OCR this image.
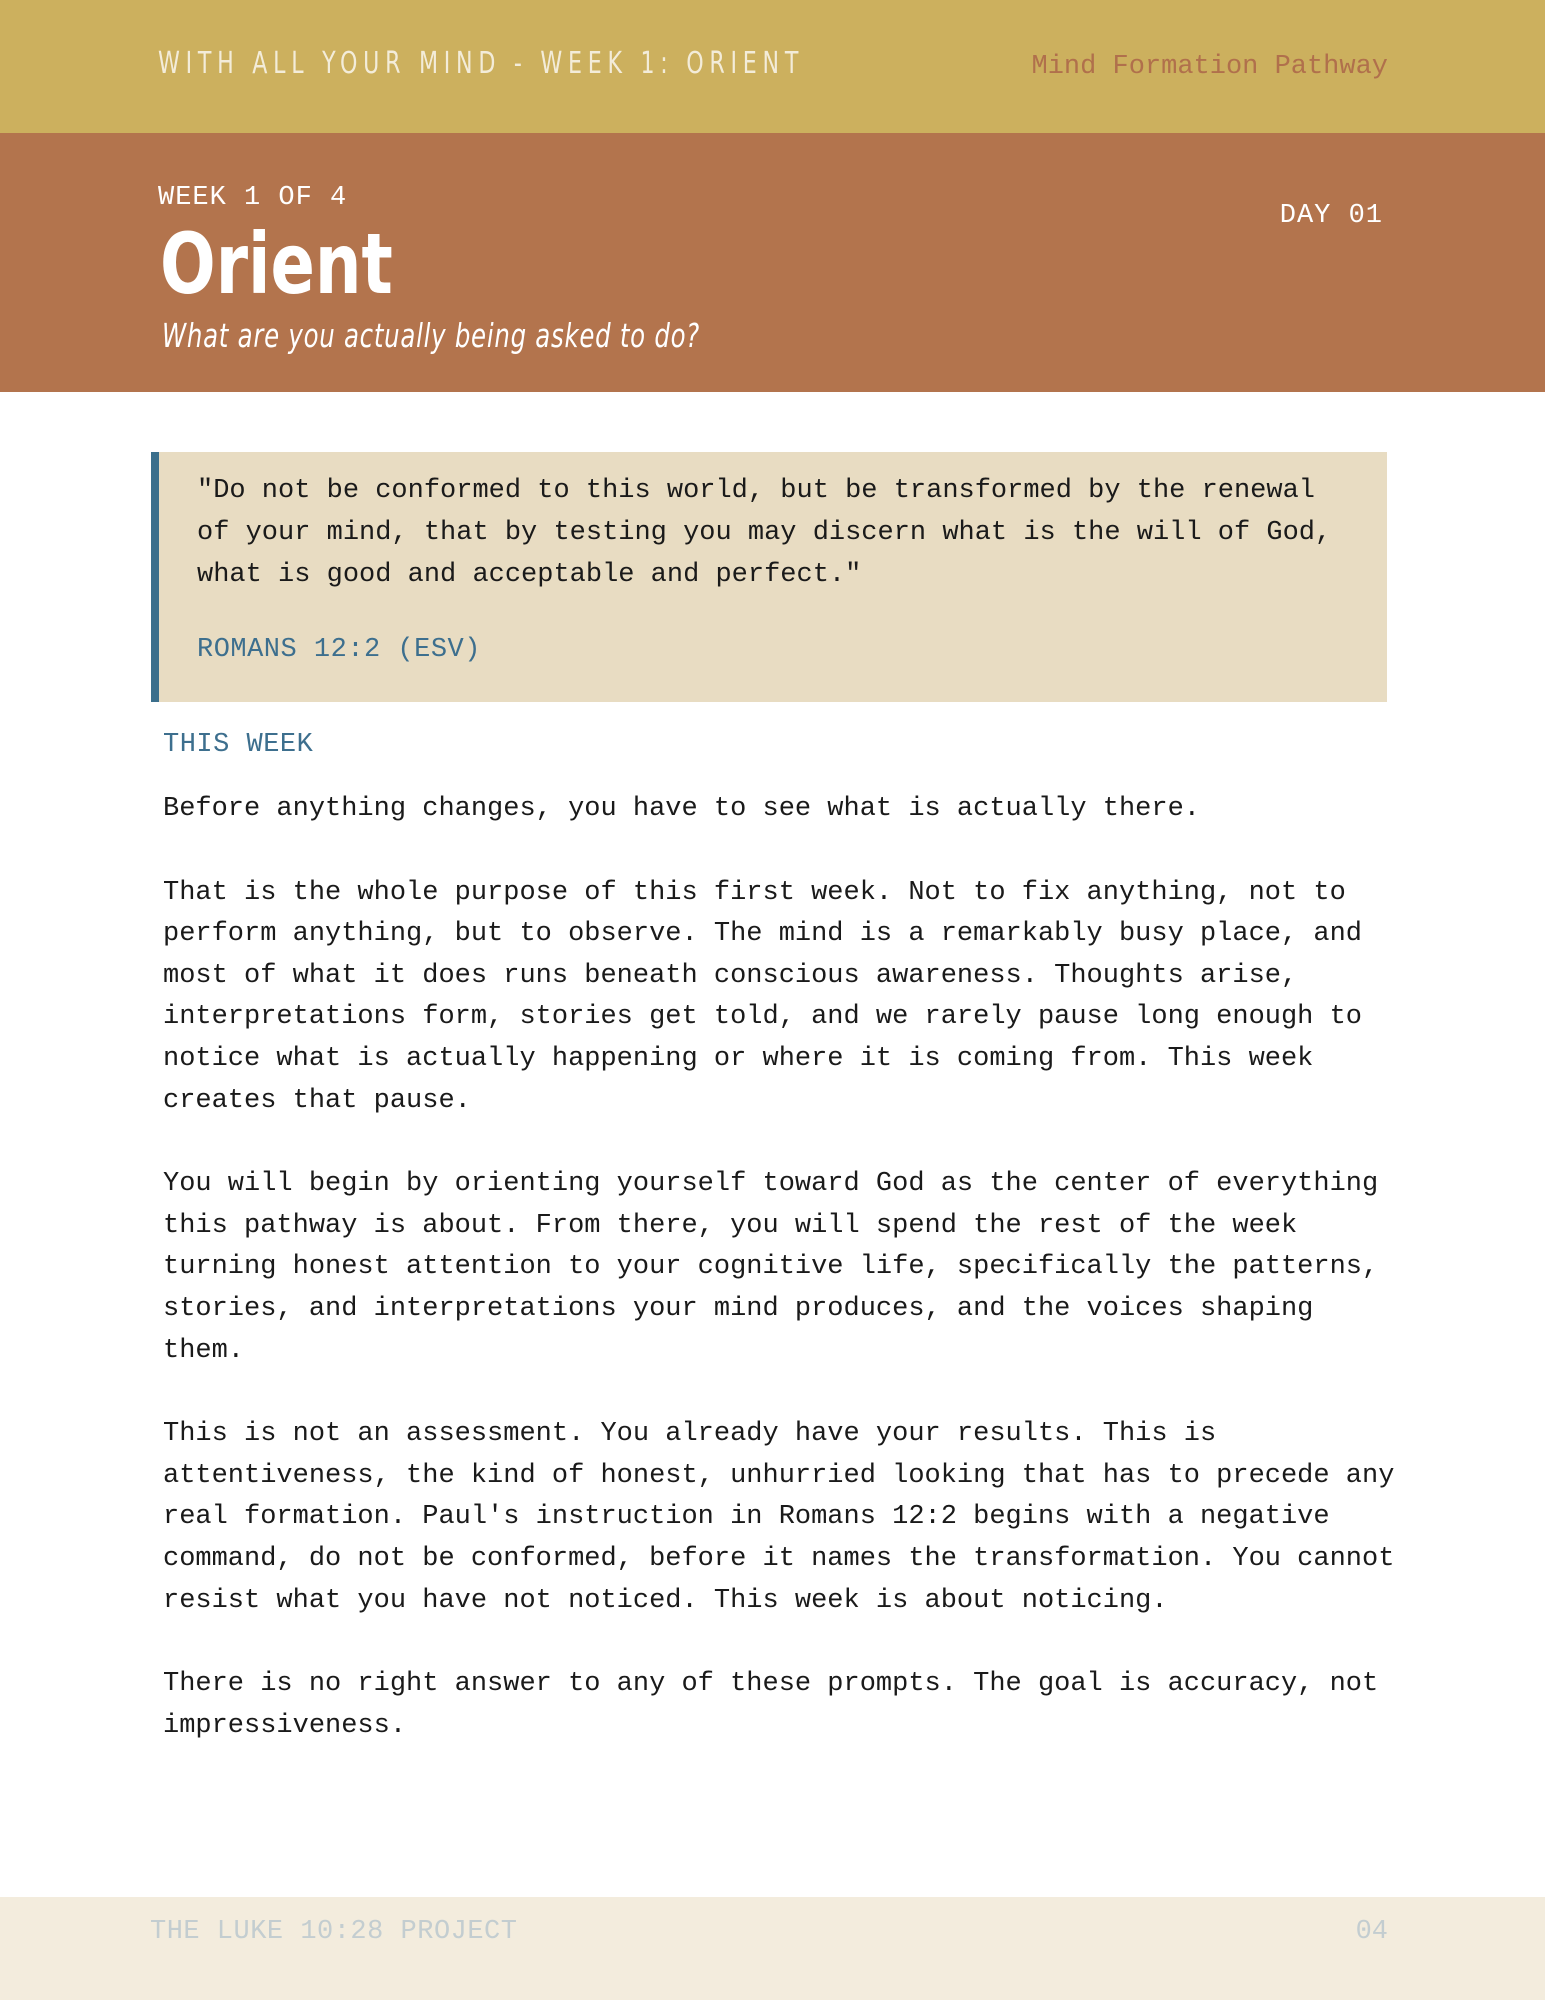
WITH ALL YOUR MIND - WEEK 1: ORIENT	Mind Formation Pathway
WEEK 1 OF 4
DAY 01
Orient
What are you actually being asked to do?

"Do not be conformed to this world, but be transformed by the renewal of your mind, that by testing you may discern what is the will of God, what is good and acceptable and perfect."

ROMANS 12:2 (ESV)
THIS WEEK

Before anything changes, you have to see what is actually there.

That is the whole purpose of this first week. Not to fix anything, not to perform anything, but to observe. The mind is a remarkably busy place, and most of what it does runs beneath conscious awareness. Thoughts arise, interpretations form, stories get told, and we rarely pause long enough to notice what is actually happening or where it is coming from. This week creates that pause.

You will begin by orienting yourself toward God as the center of everything this pathway is about. From there, you will spend the rest of the week turning honest attention to your cognitive life, specifically the patterns, stories, and interpretations your mind produces, and the voices shaping them.

This is not an assessment. You already have your results. This is attentiveness, the kind of honest, unhurried looking that has to precede any real formation. Paul's instruction in Romans 12:2 begins with a negative command, do not be conformed, before it names the transformation. You cannot resist what you have not noticed. This week is about noticing.

There is no right answer to any of these prompts. The goal is accuracy, not impressiveness.

THE LUKE 10:28 PROJECT	04
